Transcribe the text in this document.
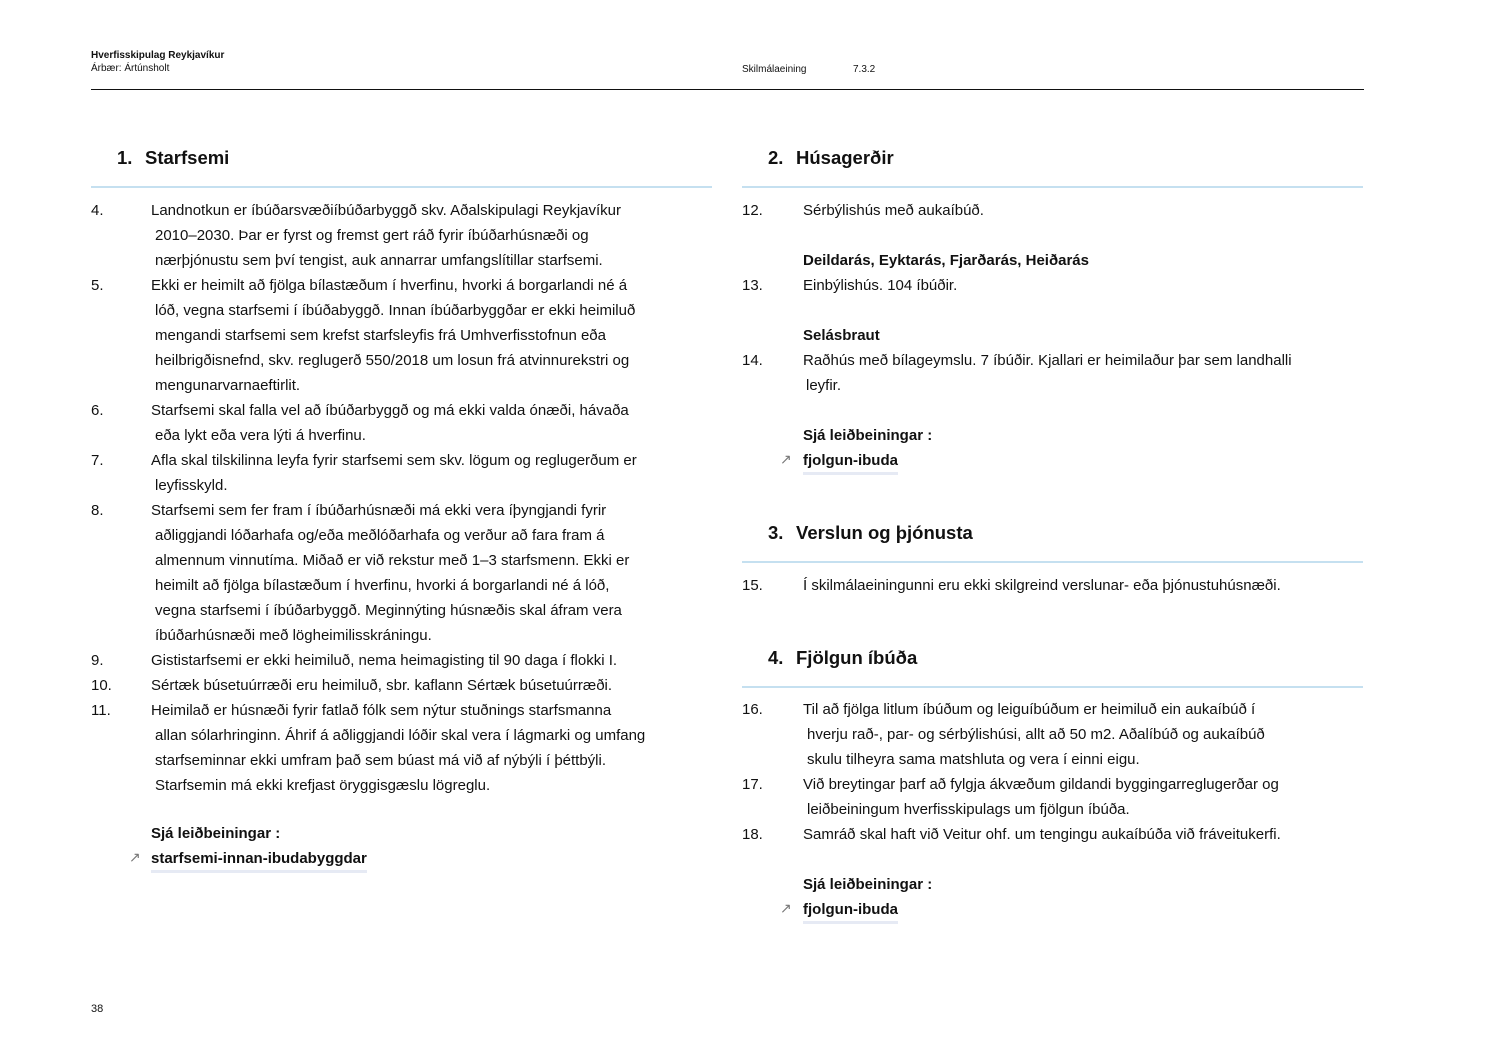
Hverfisskipulag Reykjavíkur
Árbær: Ártúnsholt	Skilmálaeining	7.3.2
1. Starfsemi
4.	Landnotkun er íbúðarsvæðiíbúðarbyggð skv. Aðalskipulagi Reykjavíkur
2010–2030. Þar er fyrst og fremst gert ráð fyrir íbúðarhúsnæði og
nærþjónustu sem því tengist, auk annarrar umfangslítillar starfsemi.
5.	Ekki er heimilt að fjölga bílastæðum í hverfinu, hvorki á borgarlandi né á
lóð, vegna starfsemi í íbúðabyggð. Innan íbúðarbyggðar er ekki heimiluð
mengandi starfsemi sem krefst starfsleyfis frá Umhverfisstofnun eða
heilbrigðisnefnd, skv. reglugerð 550/2018 um losun frá atvinnurekstri og
mengunarvarnaeftirlit.
6.	Starfsemi skal falla vel að íbúðarbyggð og má ekki valda ónæði, hávaða
eða lykt eða vera lýti á hverfinu.
7.	Afla skal tilskilinna leyfa fyrir starfsemi sem skv. lögum og reglugerðum er
leyfisskyld.
8.	Starfsemi sem fer fram í íbúðarhúsnæði má ekki vera íþyngjandi fyrir
aðliggjandi lóðarhafa og/eða meðlóðarhafa og verður að fara fram á
almennum vinnutíma. Miðað er við rekstur með 1–3 starfsmenn. Ekki er
heimilt að fjölga bílastæðum í hverfinu, hvorki á borgarlandi né á lóð,
vegna starfsemi í íbúðarbyggð. Meginnýting húsnæðis skal áfram vera
íbúðarhúsnæði með lögheimilisskráningu.
9.	Gististarfsemi er ekki heimiluð, nema heimagisting til 90 daga í flokki I.
10.	Sértæk búsetuúrræði eru heimiluð, sbr. kaflann Sértæk búsetuúrræði.
11.	Heimilað er húsnæði fyrir fatlað fólk sem nýtur stuðnings starfsmanna
allan sólarhringinn. Áhrif á aðliggjandi lóðir skal vera í lágmarki og umfang
starfseminnar ekki umfram það sem búast má við af nýbýli í þéttbýli.
Starfsemin má ekki krefjast öryggisgæslu lögreglu.
Sjá leiðbeiningar :
↗ starfsemi-innan-ibudabyggdar
2. Húsagerðir
12.	Sérbýlishús með aukaíbúð.
Deildarás, Eyktarás, Fjarðarás, Heiðarás
13.	Einbýlishús. 104 íbúðir.
Selásbraut
14.	Raðhús með bílageymslu. 7 íbúðir. Kjallari er heimilaður þar sem landhalli
leyfir.
Sjá leiðbeiningar :
↗ fjolgun-ibuda
3. Verslun og þjónusta
15.	Í skilmálaeiningunni eru ekki skilgreind verslunar- eða þjónustuhúsnæði.
4. Fjölgun íbúða
16.	Til að fjölga litlum íbúðum og leiguíbúðum er heimiluð ein aukaíbúð í
hverju rað-, par- og sérbýlishúsi, allt að 50 m2. Aðalíbúð og aukaíbúð
skulu tilheyra sama matshluta og vera í einni eigu.
17.	Við breytingar þarf að fylgja ákvæðum gildandi byggingarreglugerðar og
leiðbeiningum hverfisskipulags um fjölgun íbúða.
18.	Samráð skal haft við Veitur ohf. um tengingu aukaíbúða við fráveitukerfi.
Sjá leiðbeiningar :
↗ fjolgun-ibuda
38
